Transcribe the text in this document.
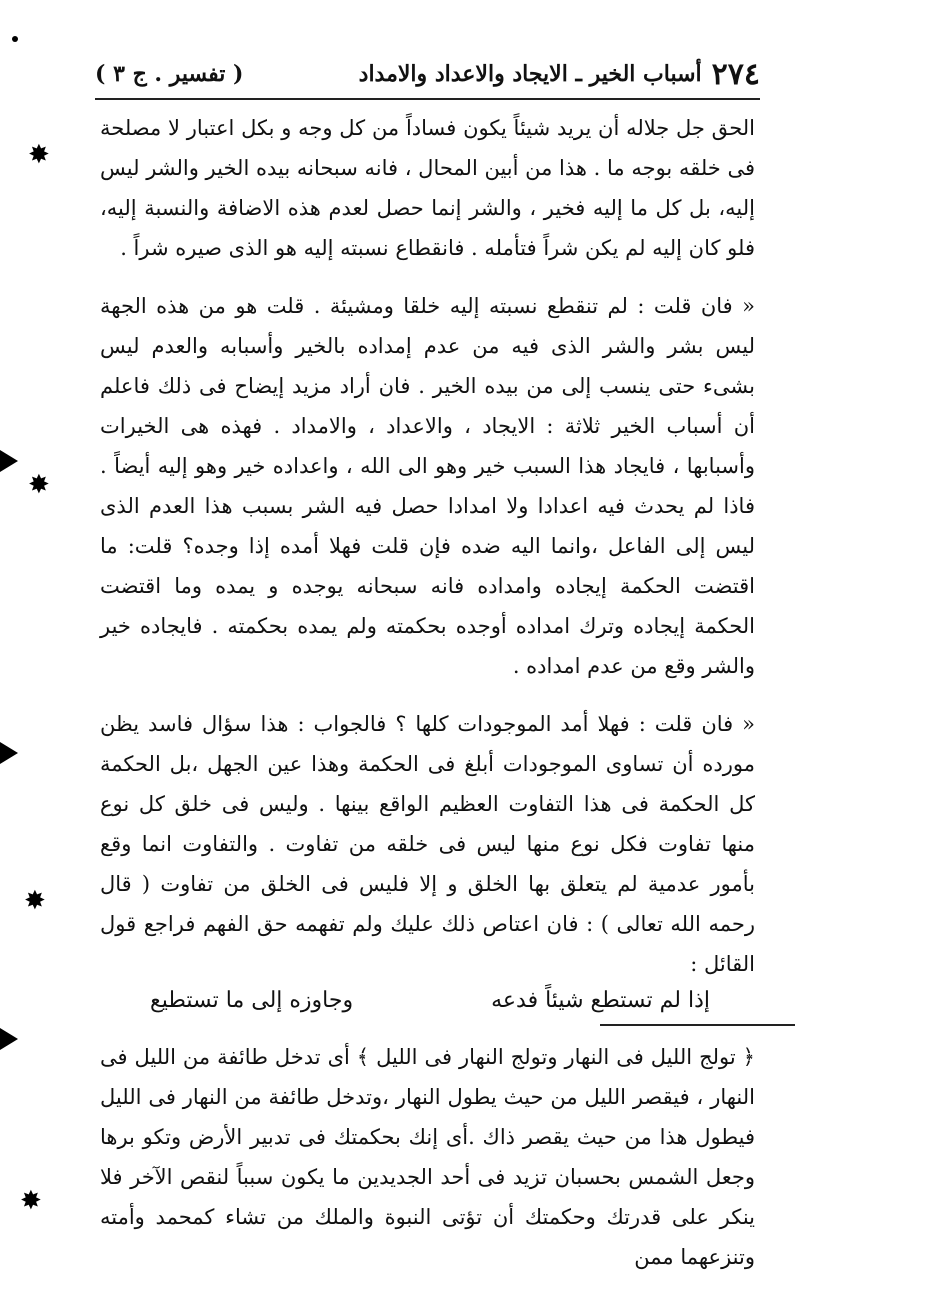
٢٧٤
أسباب الخير ـ الايجاد والاعداد والامداد
( تفسير . ج ٣ )

الحق جل جلاله أن يريد شيئاً يكون فساداً من كل وجه و بكل اعتبار لا مصلحة فى خلقه بوجه ما . هذا من أبين المحال ، فانه سبحانه بيده الخير والشر ليس إليه، بل كل ما إليه فخير ، والشر إنما حصل لعدم هذه الاضافة والنسبة إليه، فلو كان إليه لم يكن شراً فتأمله . فانقطاع نسبته إليه هو الذى صيره شراً .

« فان قلت : لم تنقطع نسبته إليه خلقا ومشيئة . قلت هو من هذه الجهة ليس بشر والشر الذى فيه من عدم إمداده بالخير وأسبابه والعدم ليس بشىء حتى ينسب إلى من بيده الخير . فان أراد مزيد إيضاح فى ذلك فاعلم أن أسباب الخير ثلاثة : الايجاد ، والاعداد ، والامداد . فهذه هى الخيرات وأسبابها ، فايجاد هذا السبب خير وهو الى الله ، واعداده خير وهو إليه أيضاً . فاذا لم يحدث فيه اعدادا ولا امدادا حصل فيه الشر بسبب هذا العدم الذى ليس إلى الفاعل ،وانما اليه ضده فإن قلت فهلا أمده إذا وجده؟ قلت: ما اقتضت الحكمة إيجاده وامداده فانه سبحانه يوجده و يمده وما اقتضت الحكمة إيجاده وترك امداده أوجده بحكمته ولم يمده بحكمته . فايجاده خير والشر وقع من عدم امداده .

« فان قلت : فهلا أمد الموجودات كلها ؟ فالجواب : هذا سؤال فاسد يظن مورده أن تساوى الموجودات أبلغ فى الحكمة وهذا عين الجهل ،بل الحكمة كل الحكمة فى هذا التفاوت العظيم الواقع بينها . وليس فى خلق كل نوع منها تفاوت فكل نوع منها ليس فى خلقه من تفاوت . والتفاوت انما وقع بأمور عدمية لم يتعلق بها الخلق و إلا فليس فى الخلق من تفاوت ( قال رحمه الله تعالى ) : فان اعتاص ذلك عليك ولم تفهمه حق الفهم فراجع قول القائل :

إذا لم تستطع شيئاً فدعه
وجاوزه إلى ما تستطيع

﴿ تولج الليل فى النهار وتولج النهار فى الليل ﴾ أى تدخل طائفة من الليل فى النهار ، فيقصر الليل من حيث يطول النهار ،وتدخل طائفة من النهار فى الليل فيطول هذا من حيث يقصر ذاك .أى إنك بحكمتك فى تدبير الأرض وتكو برها وجعل الشمس بحسبان تزيد فى أحد الجديدين ما يكون سبباً لنقص الآخر فلا ينكر على قدرتك وحكمتك أن تؤتى النبوة والملك من تشاء كمحمد وأمته وتنزعهما ممن

✸
✸
✸
✸
